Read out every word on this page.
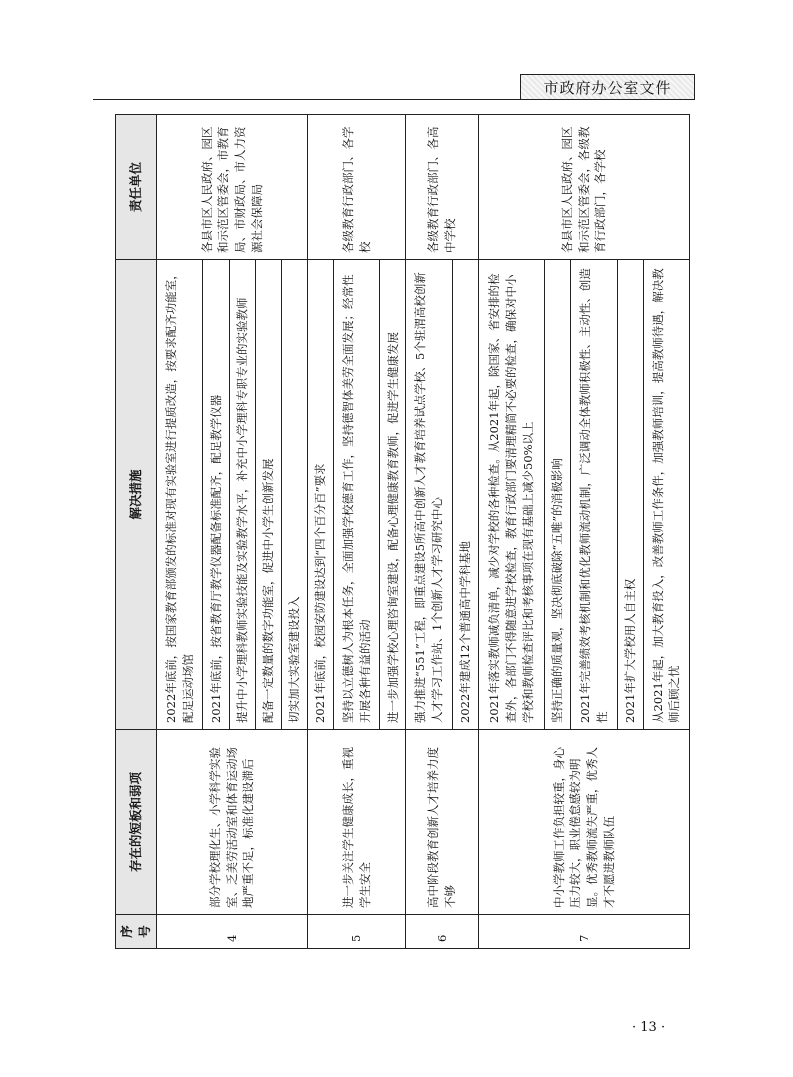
市政府办公室文件
序号	存在的短板和弱项	解决措施	责任单位
4	部分学校理化生、小学科学实验室、乏美劳活动室和体育运动场地严重不足，标准化建设滞后	2022年底前，按国家教育部颁发的标准对现有实验室进行提质改造，按要求配齐功能室，配足运动场馆	各县市区人民政府、园区和示范区管委会，市教育局、市财政局、市人力资源社会保障局
		2021年底前，按省教育厅教学仪器配备标准配齐，配足教学仪器	
		提升中小学理科教师实验技能及实验教学水平，补充中小学理科专职专业的实验教师	
		配备一定数量的数字功能室，促进中小学生创新发展	
		切实加大实验室建设投入	
5	进一步关注学生健康成长，重视学生安全	2021年底前，校园安防建设达到“四个百分百”要求	各级教育行政部门、各学校
		坚持以立德树人为根本任务，全面加强学校德育工作，坚持德智体美劳全面发展；经常性开展各种有益的活动	
		进一步加强学校心理咨询室建设，配备心理健康教育教师，促进学生健康发展	
6	高中阶段教育创新人才培养力度不够	强力推进“551”工程，即重点建设5所高中创新人才教育培养试点学校、5个驻渭高校创新人才学习工作站、1个创新人才学习研究中心	各级教育行政部门、各高中学校
		2022年建成12个普通高中学科基地	
7	中小学教师工作负担较重，身心压力较大，职业倦怠感较为明显。优秀教师流失严重，优秀人才不愿进教师队伍	2021年落实教师减负清单，减少对学校的各种检查。从2021年起，除国家、省安排的检查外，各部门不得随意进学校检查，教育行政部门要清理精简不必要的检查，确保对中小学校和教师检查评比和考核事项在现有基础上减少50%以上	各县市区人民政府、园区和示范区管委会，各级教育行政部门，各学校
		坚持正确的质量观，坚决彻底破除“五唯”的消极影响	
		2021年完善绩效考核机制和优化教师流动机制，广泛调动全体教师积极性、主动性、创造性	
		2021年扩大学校用人自主权	
		从2021年起，加大教育投入，改善教师工作条件，加强教师培训，提高教师待遇，解决教师后顾之忧	
· 13 ·
